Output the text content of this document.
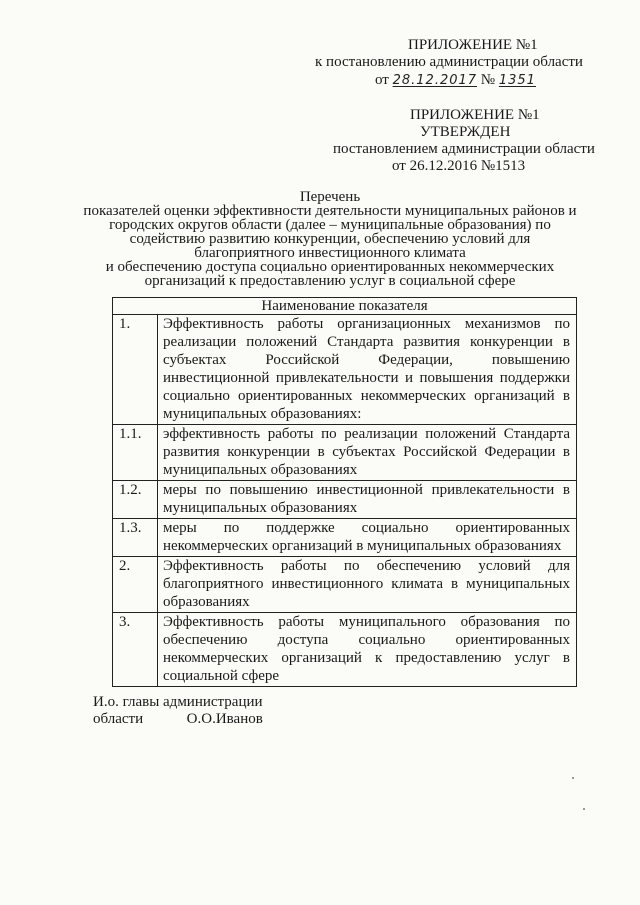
ПРИЛОЖЕНИЕ №1
к постановлению администрации области
от 28.12.2017 № 1351
ПРИЛОЖЕНИЕ №1
УТВЕРЖДЕН
постановлением администрации области
от 26.12.2016 №1513
Перечень
показателей оценки эффективности деятельности муниципальных районов и
городских округов области (далее – муниципальные образования) по
содействию развитию конкуренции, обеспечению условий для
благоприятного инвестиционного климата
и обеспечению доступа социально ориентированных некоммерческих
организаций к предоставлению услуг в социальной сфере
Наименование показателя	
1.	Эффективность работы организационных механизмов по реализации положений Стандарта развития конкуренции в субъектах Российской Федерации, повышению инвестиционной привлекательности и повышения поддержки социально ориентированных некоммерческих организаций в муниципальных образованиях:
1.1.	эффективность работы по реализации положений Стандарта развития конкуренции в субъектах Российской Федерации в муниципальных образованиях
1.2.	меры по повышению инвестиционной привлекательности в муниципальных образованиях
1.3.	меры по поддержке социально ориентированных некоммерческих организаций в муниципальных образованиях
2.	Эффективность работы по обеспечению условий для благоприятного инвестиционного климата в муниципальных образованиях
3.	Эффективность работы муниципального образования по обеспечению доступа социально ориентированных некоммерческих организаций к предоставлению услуг в социальной сфере
И.о. главы администрации
области	О.О.Иванов
